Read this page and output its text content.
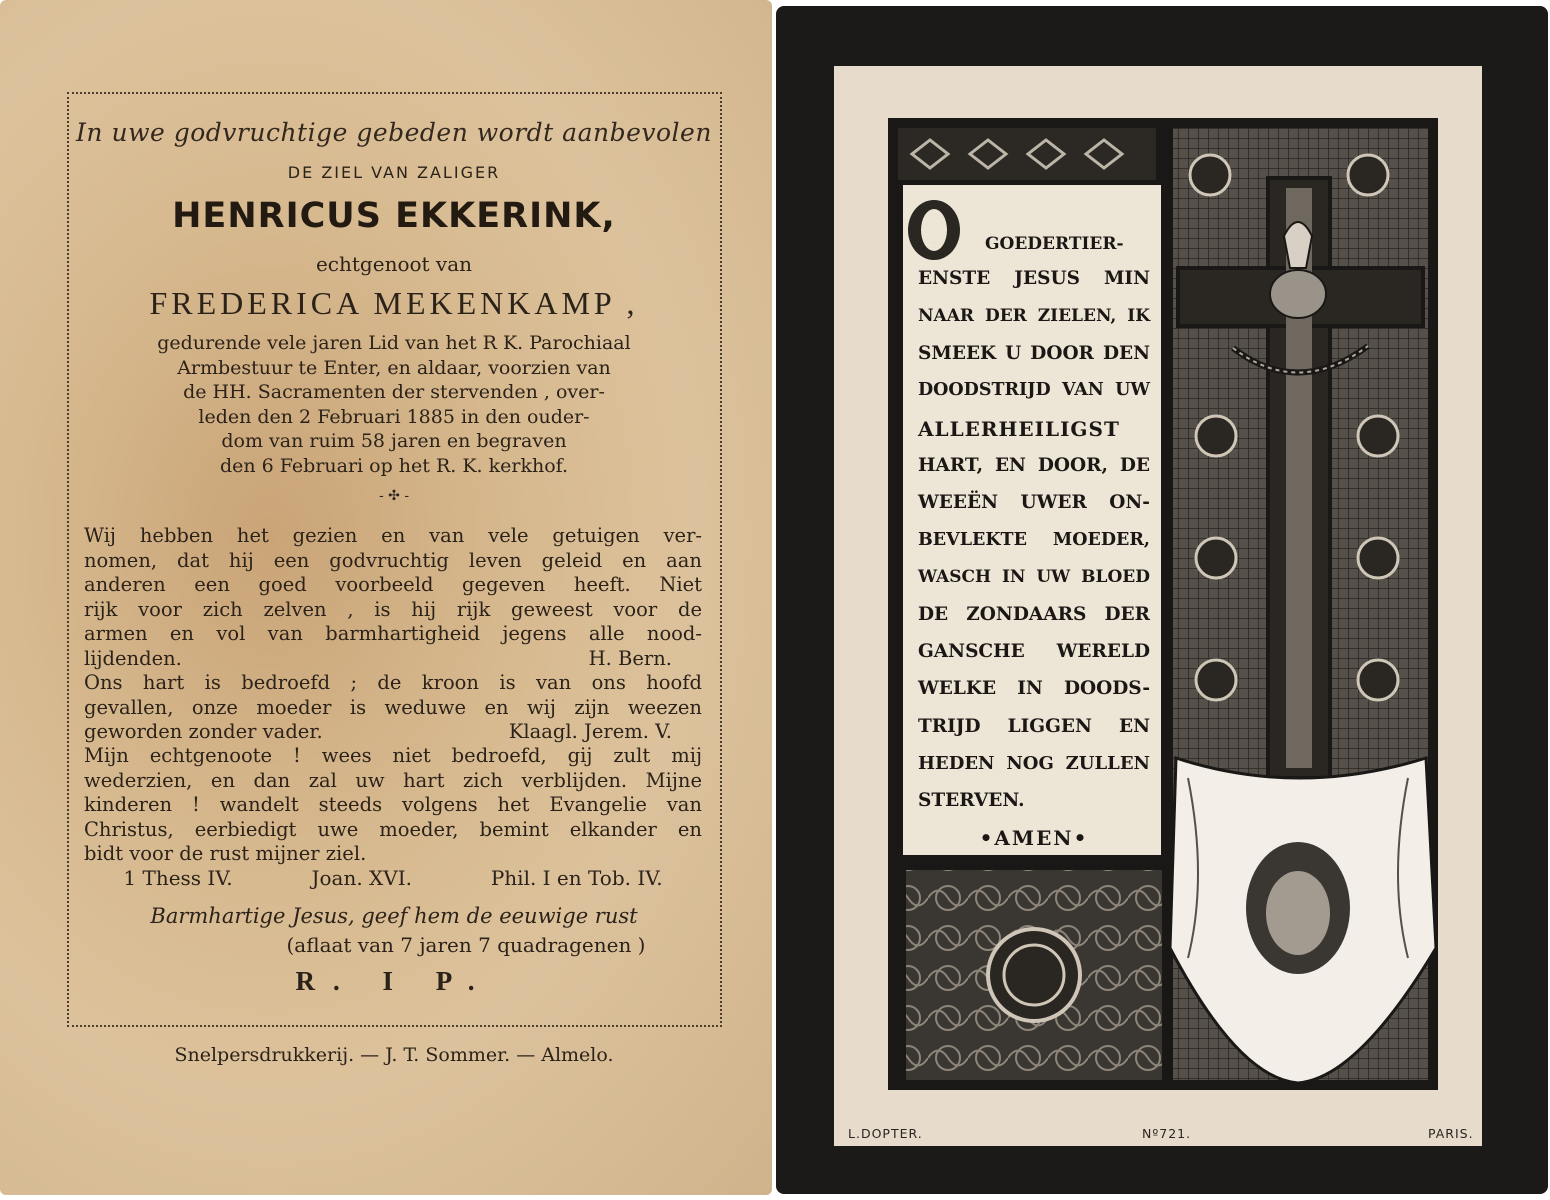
In uwe godvruchtige gebeden wordt aanbevolen
DE ZIEL VAN ZALIGER
HENRICUS EKKERINK,
echtgenoot van
FREDERICA MEKENKAMP ,
gedurende vele jaren Lid van het R K. Parochiaal
Armbestuur te Enter, en aldaar, voorzien van
de HH. Sacramenten der stervenden , over-
leden den 2 Februari 1885 in den ouder-
dom van ruim 58 jaren en begraven
den 6 Februari op het R. K. kerkhof.
- ✣ -
Wij hebben het gezien en van vele getuigen ver-
nomen, dat hij een godvruchtig leven geleid en aan
anderen een goed voorbeeld gegeven heeft. Niet
rijk voor zich zelven , is hij rijk geweest voor de
armen en vol van barmhartigheid jegens alle nood-
lijdenden.	H. Bern.
Ons hart is bedroefd ; de kroon is van ons hoofd
gevallen, onze moeder is weduwe en wij zijn weezen
geworden zonder vader.	Klaagl. Jerem. V.
Mijn echtgenoote ! wees niet bedroefd, gij zult mij
wederzien, en dan zal uw hart zich verblijden. Mijne
kinderen ! wandelt steeds volgens het Evangelie van
Christus, eerbiedigt uwe moeder, bemint elkander en
bidt voor de rust mijner ziel.
1 Thess IV.	Joan. XVI.	Phil. I en Tob. IV.
Barmhartige Jesus, geef hem de eeuwige rust
(aflaat van 7 jaren 7 quadragenen )
R. I P.
Snelpersdrukkerij. — J. T. Sommer. — Almelo.
O	GOEDERTIER-
ENSTE JESUS MIN
NAAR DER ZIELEN, IK
SMEEK U DOOR DEN
DOODSTRIJD VAN UW
ALLERHEILIGST
HART, EN DOOR, DE
WEEËN UWER ON-
BEVLEKTE MOEDER,
WASCH IN UW BLOED
DE ZONDAARS DER
GANSCHE WERELD
WELKE IN DOODS-
TRIJD LIGGEN EN
HEDEN NOG ZULLEN
STERVEN.
•AMEN•
L.DOPTER.	Nº721.	PARIS.
